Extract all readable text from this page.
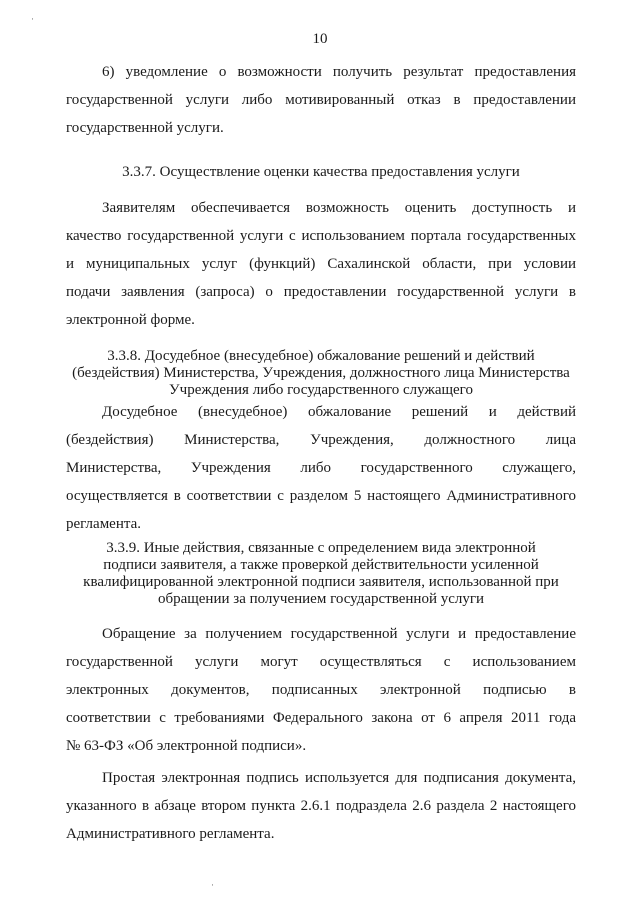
·
·
10
6) уведомление о возможности получить результат предоставления
государственной услуги либо мотивированный отказ в предоставлении
государственной услуги.
3.3.7. Осуществление оценки качества предоставления услуги
Заявителям обеспечивается возможность оценить доступность и
качество государственной услуги с использованием портала государственных
и муниципальных услуг (функций) Сахалинской области, при условии
подачи заявления (запроса) о предоставлении государственной услуги в
электронной форме.
3.3.8. Досудебное (внесудебное) обжалование решений и действий
(бездействия) Министерства, Учреждения, должностного лица Министерства
Учреждения либо государственного служащего
Досудебное (внесудебное) обжалование решений и действий
(бездействия) Министерства, Учреждения, должностного лица
Министерства, Учреждения либо государственного служащего,
осуществляется в соответствии с разделом 5 настоящего Административного
регламента.
3.3.9. Иные действия, связанные с определением вида электронной
подписи заявителя, а также проверкой действительности усиленной
квалифицированной электронной подписи заявителя, использованной при
обращении за получением государственной услуги
Обращение за получением государственной услуги и предоставление
государственной услуги могут осуществляться с использованием
электронных документов, подписанных электронной подписью в
соответствии с требованиями Федерального закона от 6 апреля 2011 года
№ 63-ФЗ «Об электронной подписи».
Простая электронная подпись используется для подписания документа,
указанного в абзаце втором пункта 2.6.1 подраздела 2.6 раздела 2 настоящего
Административного регламента.
